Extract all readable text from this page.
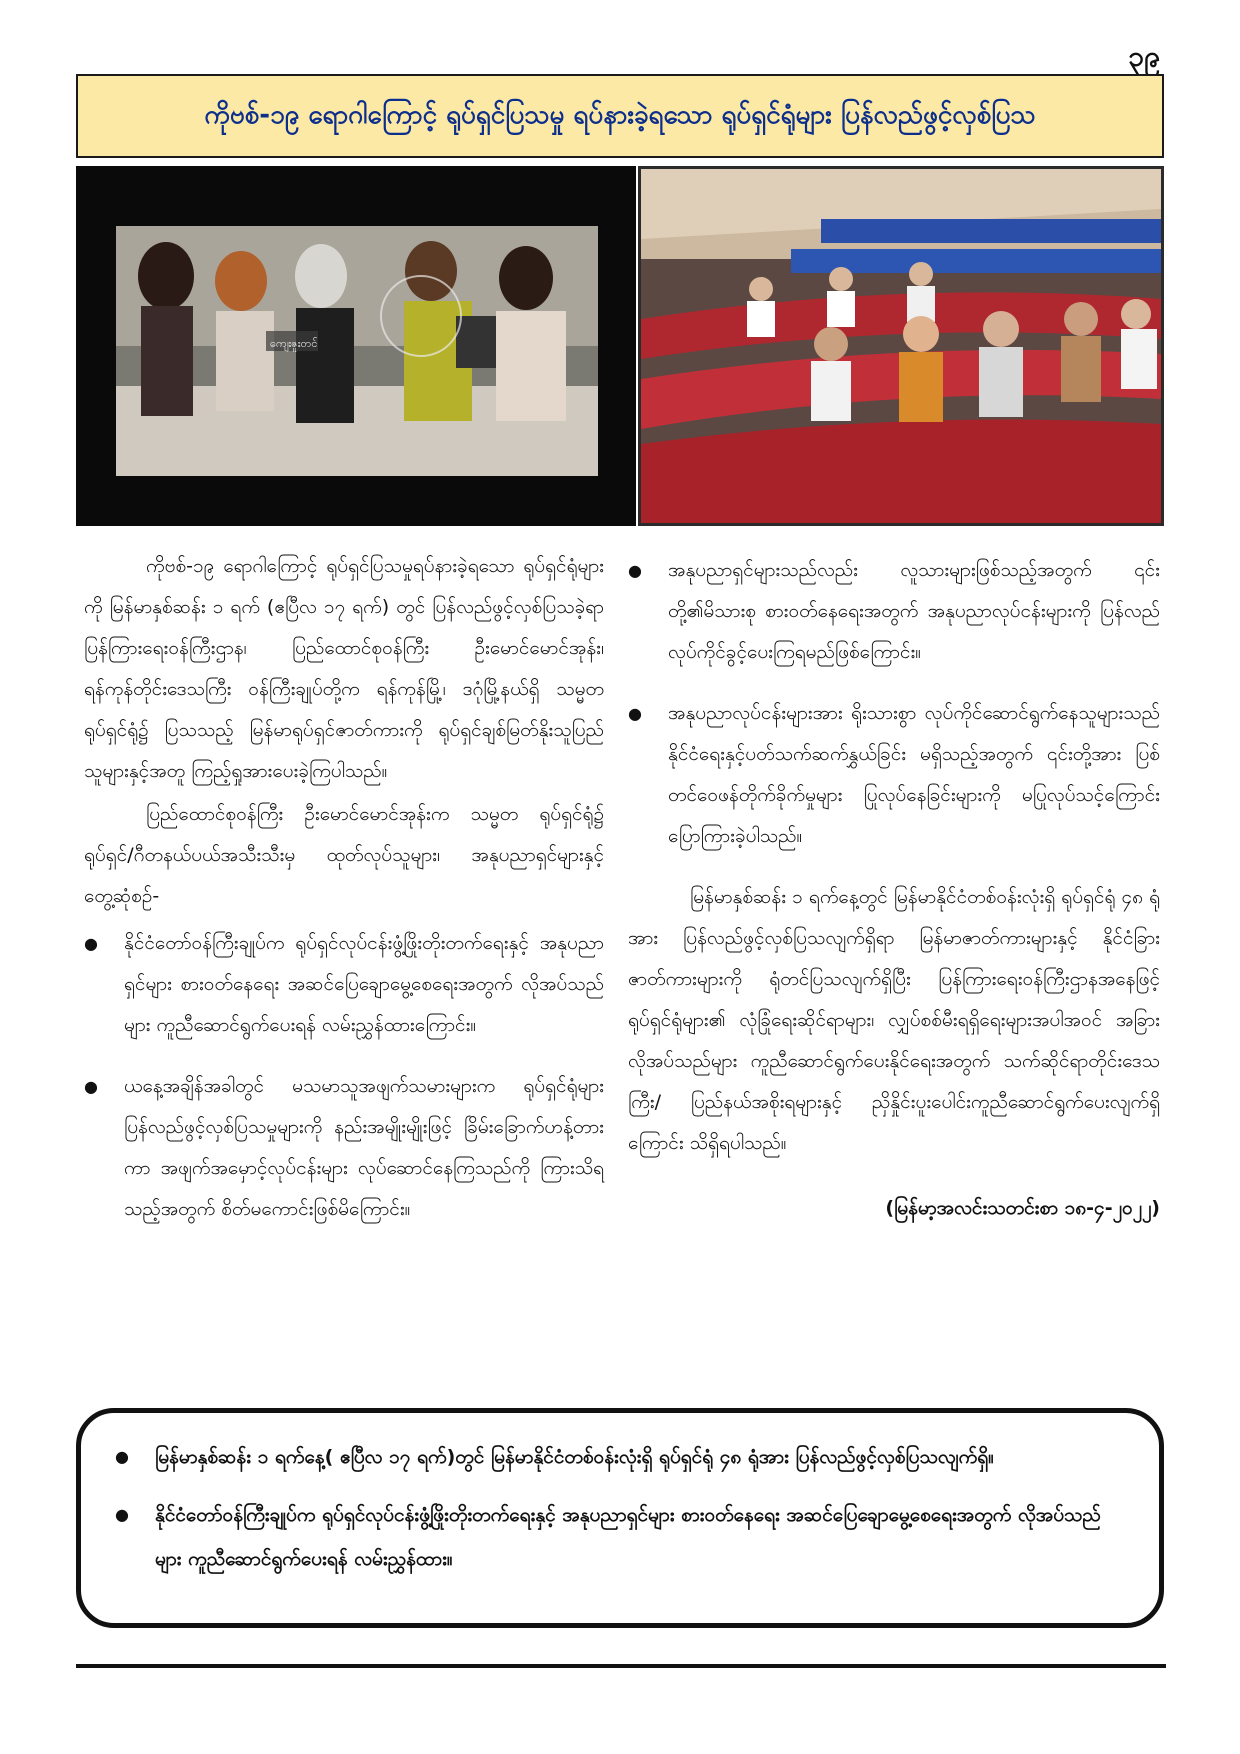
၃၉
ကိုဗစ်-၁၉ ရောဂါကြောင့် ရုပ်ရှင်ပြသမှု ရပ်နားခဲ့ရသော ရုပ်ရှင်ရုံများ ပြန်လည်ဖွင့်လှစ်ပြသ
ကျေးဇူးတင်

ကိုဗစ်-၁၉ ရောဂါကြောင့် ရုပ်ရှင်ပြသမှုရပ်နားခဲ့ရသော ရုပ်ရှင်ရုံများကို မြန်မာနှစ်ဆန်း ၁ ရက် (ဧပြီလ ၁၇ ရက်) တွင် ပြန်လည်ဖွင့်လှစ်ပြသခဲ့ရာ ပြန်ကြားရေးဝန်ကြီးဌာန၊ ပြည်ထောင်စုဝန်ကြီး ဦးမောင်မောင်အုန်း၊ ရန်ကုန်တိုင်းဒေသကြီး ဝန်ကြီးချုပ်တို့က ရန်ကုန်မြို့၊ ဒဂုံမြို့နယ်ရှိ သမ္မတရုပ်ရှင်ရုံ၌ ပြသသည့် မြန်မာရုပ်ရှင်ဇာတ်ကားကို ရုပ်ရှင်ချစ်မြတ်နိုးသူပြည်သူများနှင့်အတူ ကြည့်ရှုအားပေးခဲ့ကြပါသည်။

ပြည်ထောင်စုဝန်ကြီး ဦးမောင်မောင်အုန်းက သမ္မတ ရုပ်ရှင်ရုံ၌ ရုပ်ရှင်/ဂီတနယ်ပယ်အသီးသီးမှ ထုတ်လုပ်သူများ၊ အနုပညာရှင်များနှင့် တွေ့ဆုံစဉ်-

● နိုင်ငံတော်ဝန်ကြီးချုပ်က ရုပ်ရှင်လုပ်ငန်းဖွံ့ဖြိုးတိုးတက်ရေးနှင့် အနုပညာရှင်များ စားဝတ်နေရေး အဆင်ပြေချောမွေ့စေရေးအတွက် လိုအပ်သည်များ ကူညီဆောင်ရွက်ပေးရန် လမ်းညွှန်ထားကြောင်း။
● ယနေ့အချိန်အခါတွင် မသမာသူအဖျက်သမားများက ရုပ်ရှင်ရုံများ ပြန်လည်ဖွင့်လှစ်ပြသမှုများကို နည်းအမျိုးမျိုးဖြင့် ခြိမ်းခြောက်ဟန့်တားကာ အဖျက်အမှောင့်လုပ်ငန်းများ လုပ်ဆောင်နေကြသည်ကို ကြားသိရသည့်အတွက် စိတ်မကောင်းဖြစ်မိကြောင်း။
● အနုပညာရှင်များသည်လည်း လူသားများဖြစ်သည့်အတွက် ၎င်းတို့၏မိသားစု စားဝတ်နေရေးအတွက် အနုပညာလုပ်ငန်းများကို ပြန်လည်လုပ်ကိုင်ခွင့်ပေးကြရမည်ဖြစ်ကြောင်း။
● အနုပညာလုပ်ငန်းများအား ရိုးသားစွာ လုပ်ကိုင်ဆောင်ရွက်နေသူများသည် နိုင်ငံရေးနှင့်ပတ်သက်ဆက်နွှယ်ခြင်း မရှိသည့်အတွက် ၎င်းတို့အား ပြစ်တင်ဝေဖန်တိုက်ခိုက်မှုများ ပြုလုပ်နေခြင်းများကို မပြုလုပ်သင့်ကြောင်း ပြောကြားခဲ့ပါသည်။

မြန်မာနှစ်ဆန်း ၁ ရက်နေ့တွင် မြန်မာနိုင်ငံတစ်ဝန်းလုံးရှိ ရုပ်ရှင်ရုံ ၄၈ ရုံအား ပြန်လည်ဖွင့်လှစ်ပြသလျက်ရှိရာ မြန်မာဇာတ်ကားများနှင့် နိုင်ငံခြားဇာတ်ကားများကို ရုံတင်ပြသလျက်ရှိပြီး ပြန်ကြားရေးဝန်ကြီးဌာနအနေဖြင့် ရုပ်ရှင်ရုံများ၏ လုံခြုံရေးဆိုင်ရာများ၊ လျှပ်စစ်မီးရရှိရေးများအပါအဝင် အခြားလိုအပ်သည်များ ကူညီဆောင်ရွက်ပေးနိုင်ရေးအတွက် သက်ဆိုင်ရာတိုင်းဒေသကြီး/ ပြည်နယ်အစိုးရများနှင့် ညှိနှိုင်းပူးပေါင်းကူညီဆောင်ရွက်ပေးလျက်ရှိကြောင်း သိရှိရပါသည်။

(မြန်မာ့အလင်းသတင်းစာ ၁၈-၄-၂၀၂၂)

● မြန်မာနှစ်ဆန်း ၁ ရက်နေ့( ဧပြီလ ၁၇ ရက်)တွင် မြန်မာနိုင်ငံတစ်ဝန်းလုံးရှိ ရုပ်ရှင်ရုံ ၄၈ ရုံအား ပြန်လည်ဖွင့်လှစ်ပြသလျက်ရှိ။
● နိုင်ငံတော်ဝန်ကြီးချုပ်က ရုပ်ရှင်လုပ်ငန်းဖွံ့ဖြိုးတိုးတက်ရေးနှင့် အနုပညာရှင်များ စားဝတ်နေရေး အဆင်ပြေချောမွေ့စေရေးအတွက် လိုအပ်သည်များ ကူညီဆောင်ရွက်ပေးရန် လမ်းညွှန်ထား။
